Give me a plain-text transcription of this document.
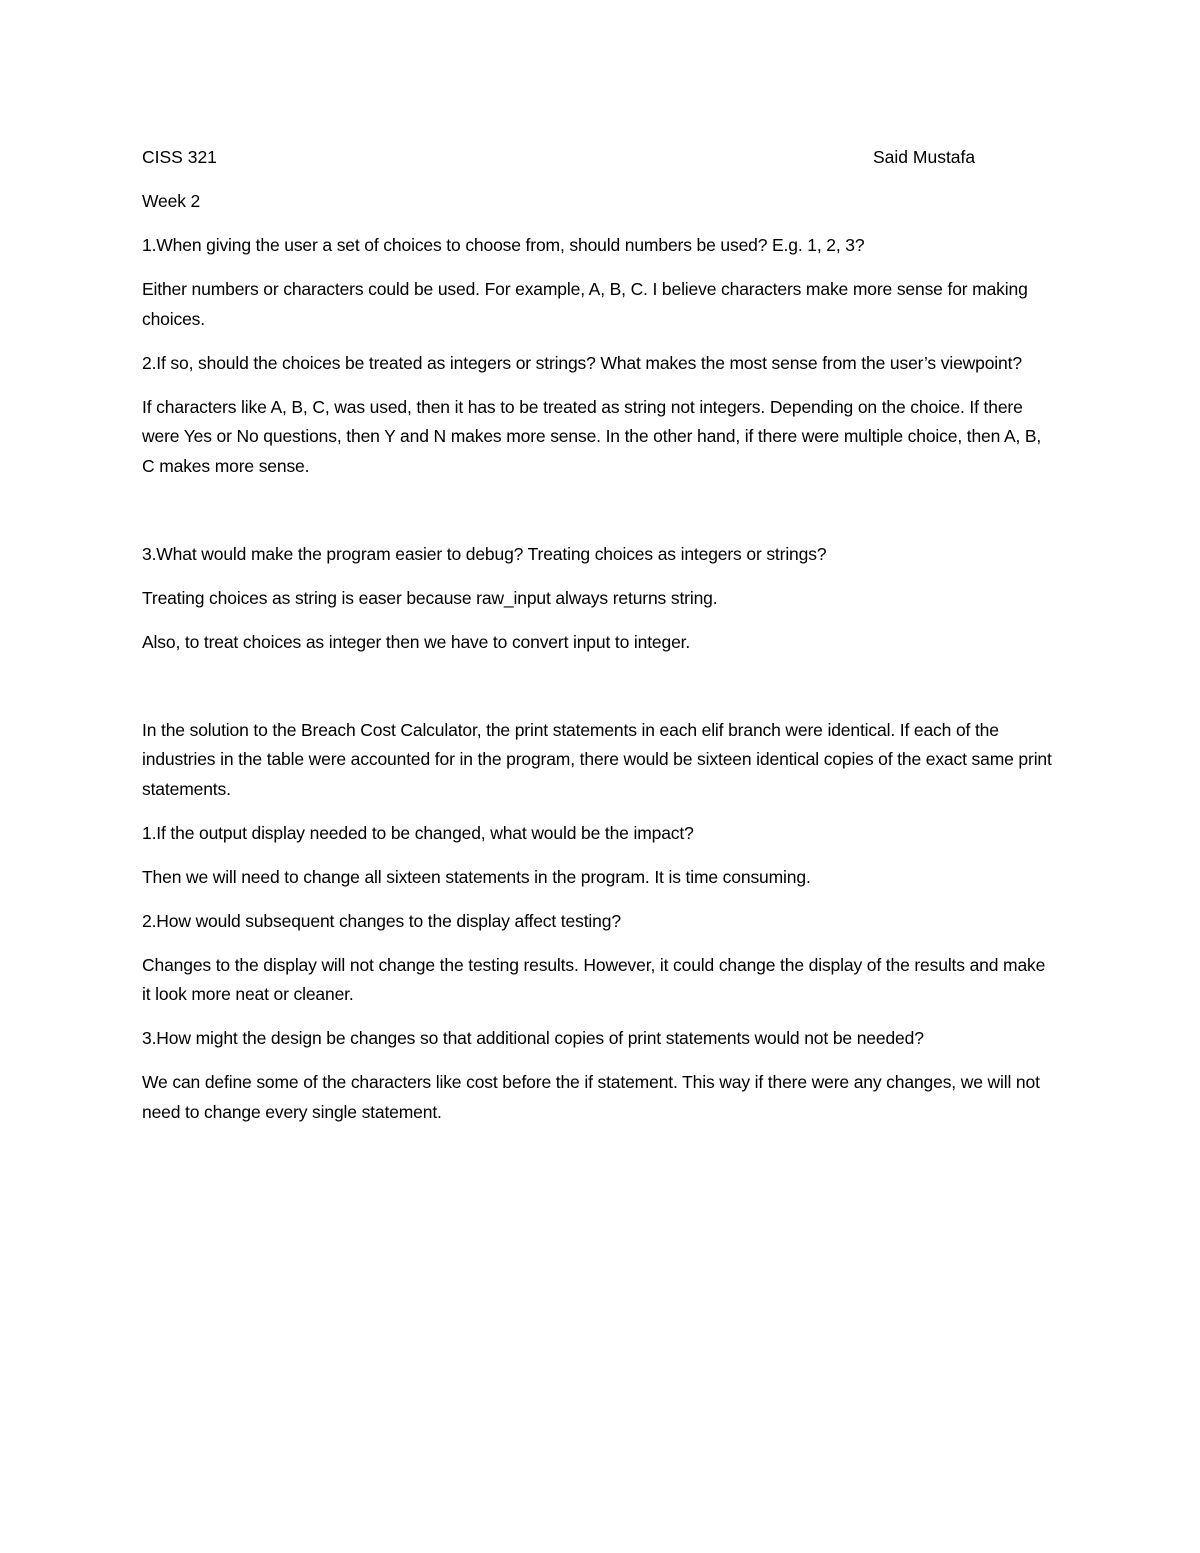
CISS 321	Said Mustafa

Week 2

1.When giving the user a set of choices to choose from, should numbers be used? E.g. 1, 2, 3?

Either numbers or characters could be used. For example, A, B, C. I believe characters make more sense for making choices.

2.If so, should the choices be treated as integers or strings? What makes the most sense from the user’s viewpoint?

If characters like A, B, C, was used, then it has to be treated as string not integers. Depending on the choice. If there were Yes or No questions, then Y and N makes more sense. In the other hand, if there were multiple choice, then A, B, C makes more sense.

3.What would make the program easier to debug? Treating choices as integers or strings?

Treating choices as string is easer because raw_input always returns string.

Also, to treat choices as integer then we have to convert input to integer.

In the solution to the Breach Cost Calculator, the print statements in each elif branch were identical. If each of the industries in the table were accounted for in the program, there would be sixteen identical copies of the exact same print statements.

1.If the output display needed to be changed, what would be the impact?

Then we will need to change all sixteen statements in the program. It is time consuming.

2.How would subsequent changes to the display affect testing?

Changes to the display will not change the testing results. However, it could change the display of the results and make it look more neat or cleaner.

3.How might the design be changes so that additional copies of print statements would not be needed?

We can define some of the characters like cost before the if statement. This way if there were any changes, we will not need to change every single statement.
